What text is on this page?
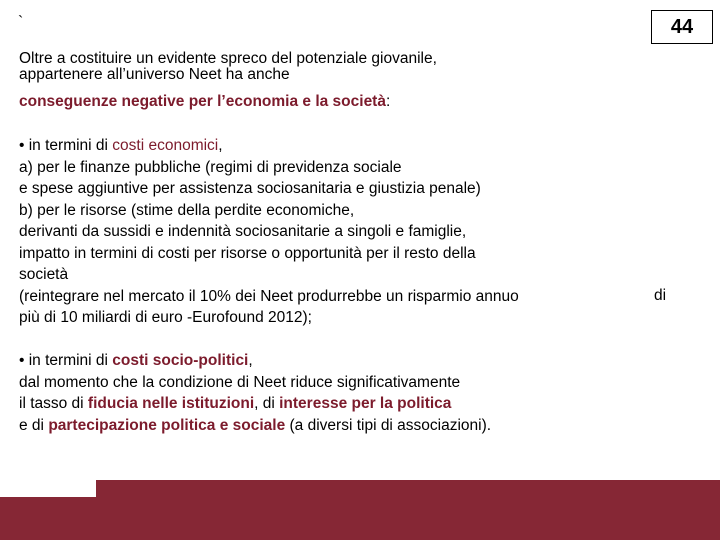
`	44
Oltre a costituire un evidente spreco del potenziale giovanile,
appartenere all’universo Neet ha anche
conseguenze negative per l’economia e la società:
• in termini di costi economici,
a) per le finanze pubbliche (regimi di previdenza sociale
e spese aggiuntive per assistenza sociosanitaria e giustizia penale)
b) per le risorse (stime della perdite economiche,
derivanti da sussidi e indennità sociosanitarie a singoli e famiglie,
impatto in termini di costi per risorse o opportunità per il resto della
società
(reintegrare nel mercato il 10% dei Neet produrrebbe un risparmio annuo
più di 10 miliardi di euro -Eurofound 2012);
di
• in termini di costi socio-politici,
dal momento che la condizione di Neet riduce significativamente
il tasso di fiducia nelle istituzioni, di interesse per la politica
e di partecipazione politica e sociale (a diversi tipi di associazioni).
